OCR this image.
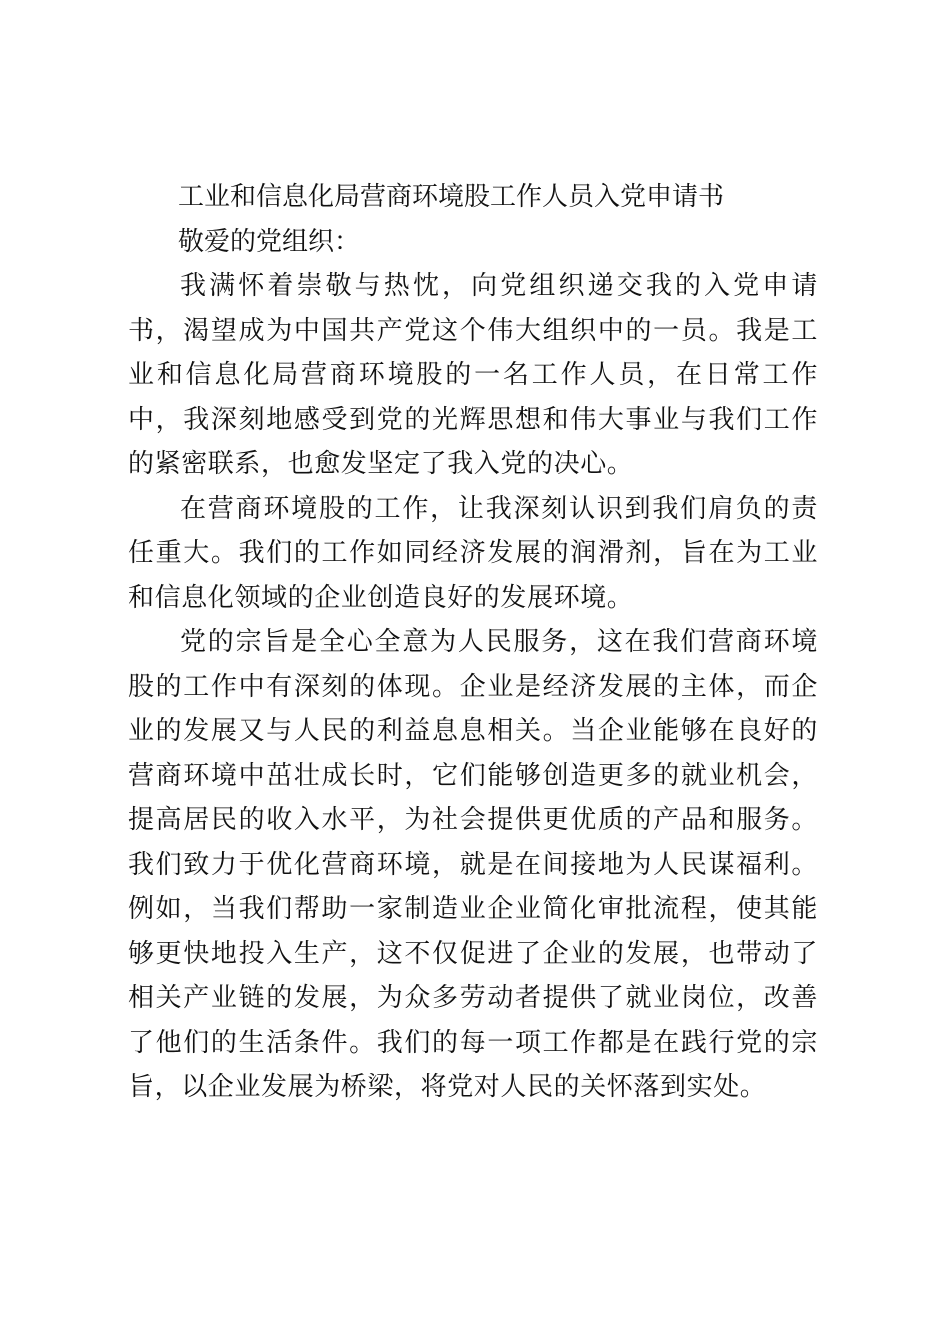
工业和信息化局营商环境股工作人员入党申请书

敬爱的党组织：

我满怀着崇敬与热忱，向党组织递交我的入党申请书，渴望成为中国共产党这个伟大组织中的一员。我是工业和信息化局营商环境股的一名工作人员，在日常工作中，我深刻地感受到党的光辉思想和伟大事业与我们工作的紧密联系，也愈发坚定了我入党的决心。

在营商环境股的工作，让我深刻认识到我们肩负的责任重大。我们的工作如同经济发展的润滑剂，旨在为工业和信息化领域的企业创造良好的发展环境。

党的宗旨是全心全意为人民服务，这在我们营商环境股的工作中有深刻的体现。企业是经济发展的主体，而企业的发展又与人民的利益息息相关。当企业能够在良好的营商环境中茁壮成长时，它们能够创造更多的就业机会，提高居民的收入水平，为社会提供更优质的产品和服务。我们致力于优化营商环境，就是在间接地为人民谋福利。例如，当我们帮助一家制造业企业简化审批流程，使其能够更快地投入生产，这不仅促进了企业的发展，也带动了相关产业链的发展，为众多劳动者提供了就业岗位，改善了他们的生活条件。我们的每一项工作都是在践行党的宗旨，以企业发展为桥梁，将党对人民的关怀落到实处。
